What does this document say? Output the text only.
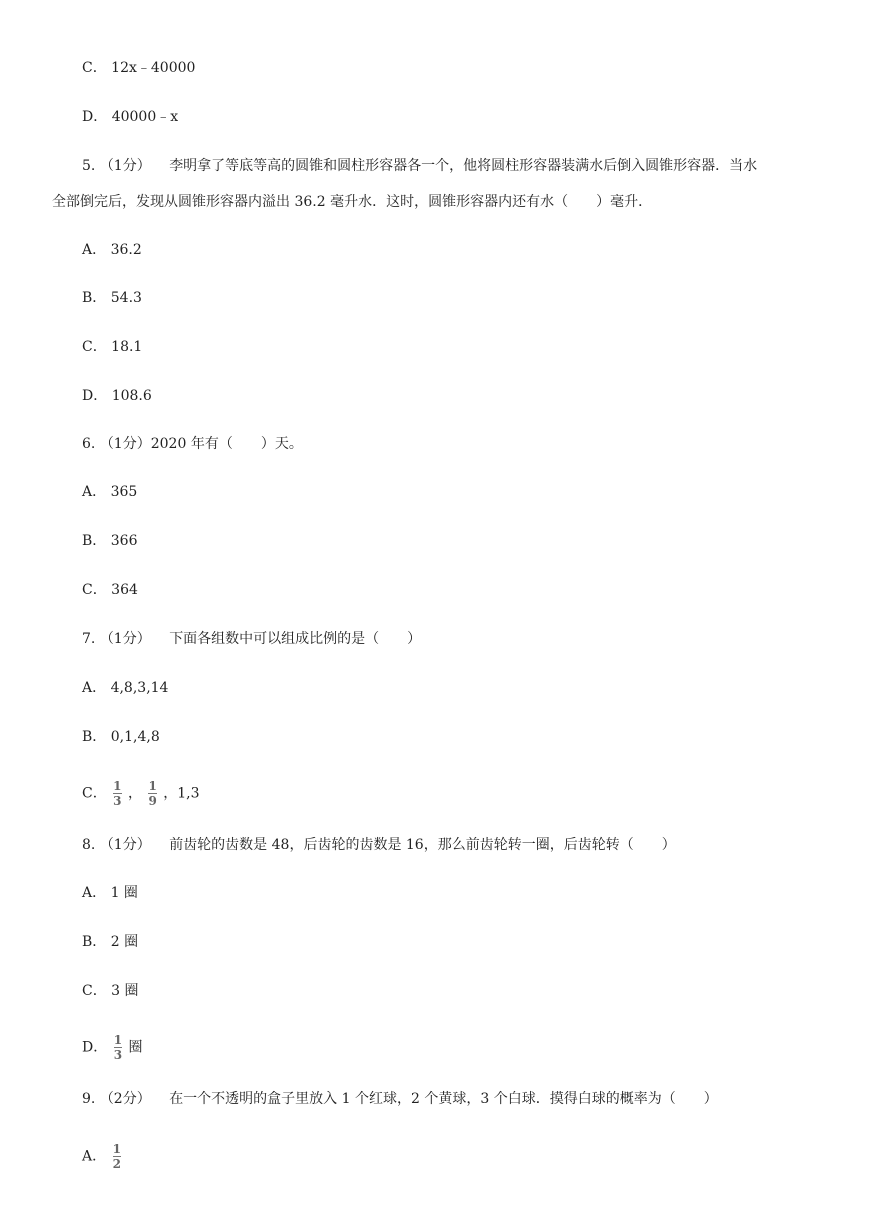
C． 12x﹣40000
D． 40000﹣x
5. （1分） 李明拿了等底等高的圆锥和圆柱形容器各一个，他将圆柱形容器装满水后倒入圆锥形容器．当水
全部倒完后，发现从圆锥形容器内溢出 36.2 毫升水．这时，圆锥形容器内还有水（　　）毫升．
A． 36.2
B． 54.3
C． 18.1
D． 108.6
6. （1分）2020 年有（　　）天。
A． 365
B． 366
C． 364
7. （1分） 下面各组数中可以组成比例的是（　　）
A． 4,8,3,14
B． 0,1,4,8
C． $\frac{1}{3}$ ， $\frac{1}{9}$ ，1,3
8. （1分） 前齿轮的齿数是 48，后齿轮的齿数是 16，那么前齿轮转一圈，后齿轮转（　　）
A． 1 圈
B． 2 圈
C． 3 圈
D． $\frac{1}{3}$ 圈
9. （2分） 在一个不透明的盒子里放入 1 个红球，2 个黄球，3 个白球．摸得白球的概率为（　　）
A． $\frac{1}{2}$
